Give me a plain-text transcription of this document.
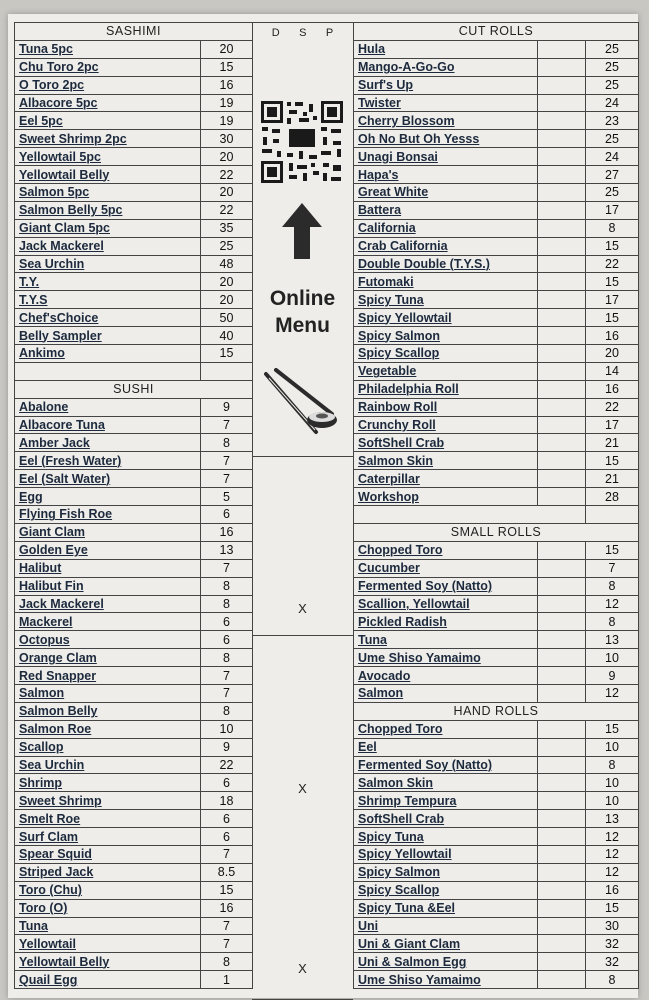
SASHIMI	
Tuna 5pc	20
Chu Toro 2pc	15
O Toro 2pc	16
Albacore 5pc	19
Eel 5pc	19
Sweet Shrimp 2pc	30
Yellowtail 5pc	20
Yellowtail Belly	22
Salmon 5pc	20
Salmon Belly 5pc	22
Giant Clam 5pc	35
Jack Mackerel	25
Sea Urchin	48
T.Y.	20
T.Y.S	20
Chef'sChoice	50
Belly Sampler	40
Ankimo	15

SUSHI	
Abalone	9
Albacore Tuna	7
Amber Jack	8
Eel (Fresh Water)	7
Eel (Salt Water)	7
Egg	5
Flying Fish Roe	6
Giant Clam	16
Golden Eye	13
Halibut	7
Halibut Fin	8
Jack Mackerel	8
Mackerel	6
Octopus	6
Orange Clam	8
Red Snapper	7
Salmon	7
Salmon Belly	8
Salmon Roe	10
Scallop	9
Sea Urchin	22
Shrimp	6
Sweet Shrimp	18
Smelt Roe	6
Surf Clam	6
Spear Squid	7
Striped Jack	8.5
Toro (Chu)	15
Toro (O)	16
Tuna	7
Yellowtail	7
Yellowtail Belly	8
Quail Egg	1
D S P
Online
Menu
X
X
X
CUT ROLLS		
Hula		25
Mango-A-Go-Go		25
Surf's Up		25
Twister		24
Cherry Blossom		23
Oh No But Oh Yesss		25
Unagi Bonsai		24
Hapa's		27
Great White		25
Battera		17
California		8
Crab California		15
Double Double (T.Y.S.)		22
Futomaki		15
Spicy Tuna		17
Spicy Yellowtail		15
Spicy Salmon		16
Spicy Scallop		20
Vegetable		14
Philadelphia Roll		16
Rainbow Roll		22
Crunchy Roll		17
SoftShell Crab		21
Salmon Skin		15
Caterpillar		21
Workshop		28

SMALL ROLLS		
Chopped Toro		15
Cucumber		7
Fermented Soy (Natto)		8
Scallion, Yellowtail		12
Pickled Radish		8
Tuna		13
Ume Shiso Yamaimo		10
Avocado		9
Salmon		12
HAND ROLLS		
Chopped Toro		15
Eel		10
Fermented Soy (Natto)		8
Salmon Skin		10
Shrimp Tempura		10
SoftShell Crab		13
Spicy Tuna		12
Spicy Yellowtail		12
Spicy Salmon		12
Spicy Scallop		16
Spicy Tuna &Eel		15
Uni		30
Uni & Giant Clam		32
Uni & Salmon Egg		32
Ume Shiso Yamaimo		8
